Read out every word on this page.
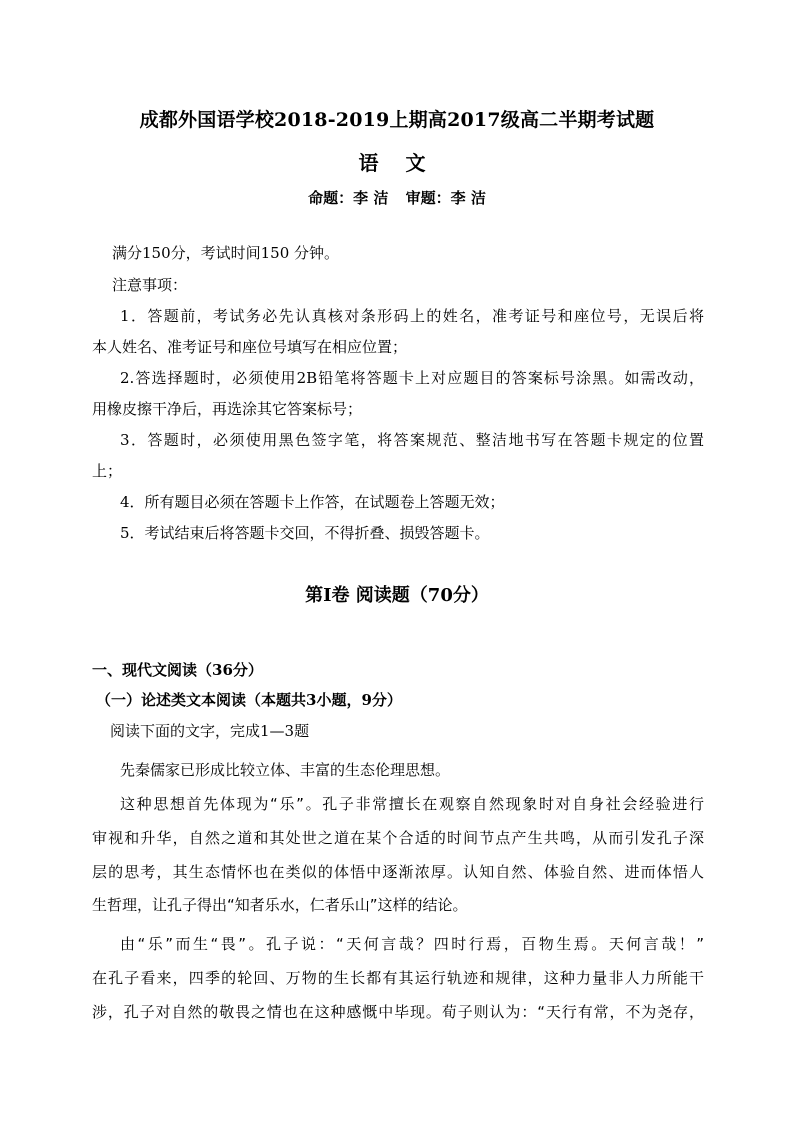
成都外国语学校2018-2019上期高2017级高二半期考试题
语 文
命题：李 洁 审题：李 洁
满分150分，考试时间150 分钟。
注意事项：
1．答题前，考试务必先认真核对条形码上的姓名，准考证号和座位号，无误后将
本人姓名、准考证号和座位号填写在相应位置；
2.答选择题时，必须使用2B铅笔将答题卡上对应题目的答案标号涂黑。如需改动，
用橡皮擦干净后，再选涂其它答案标号；
3．答题时，必须使用黑色签字笔，将答案规范、整洁地书写在答题卡规定的位置
上；
4．所有题目必须在答题卡上作答，在试题卷上答题无效；
5．考试结束后将答题卡交回，不得折叠、损毁答题卡。
第Ⅰ卷 阅读题（70分）
一、现代文阅读（36分）
（一）论述类文本阅读（本题共3小题，9分）
阅读下面的文字，完成1—3题
先秦儒家已形成比较立体、丰富的生态伦理思想。
这种思想首先体现为“乐”。孔子非常擅长在观察自然现象时对自身社会经验进行
审视和升华，自然之道和其处世之道在某个合适的时间节点产生共鸣，从而引发孔子深
层的思考，其生态情怀也在类似的体悟中逐渐浓厚。认知自然、体验自然、进而体悟人
生哲理，让孔子得出“知者乐水，仁者乐山”这样的结论。
由“乐”而生“畏”。孔子说：“天何言哉？四时行焉，百物生焉。天何言哉！”
在孔子看来，四季的轮回、万物的生长都有其运行轨迹和规律，这种力量非人力所能干
涉，孔子对自然的敬畏之情也在这种感慨中毕现。荀子则认为：“天行有常，不为尧存，
